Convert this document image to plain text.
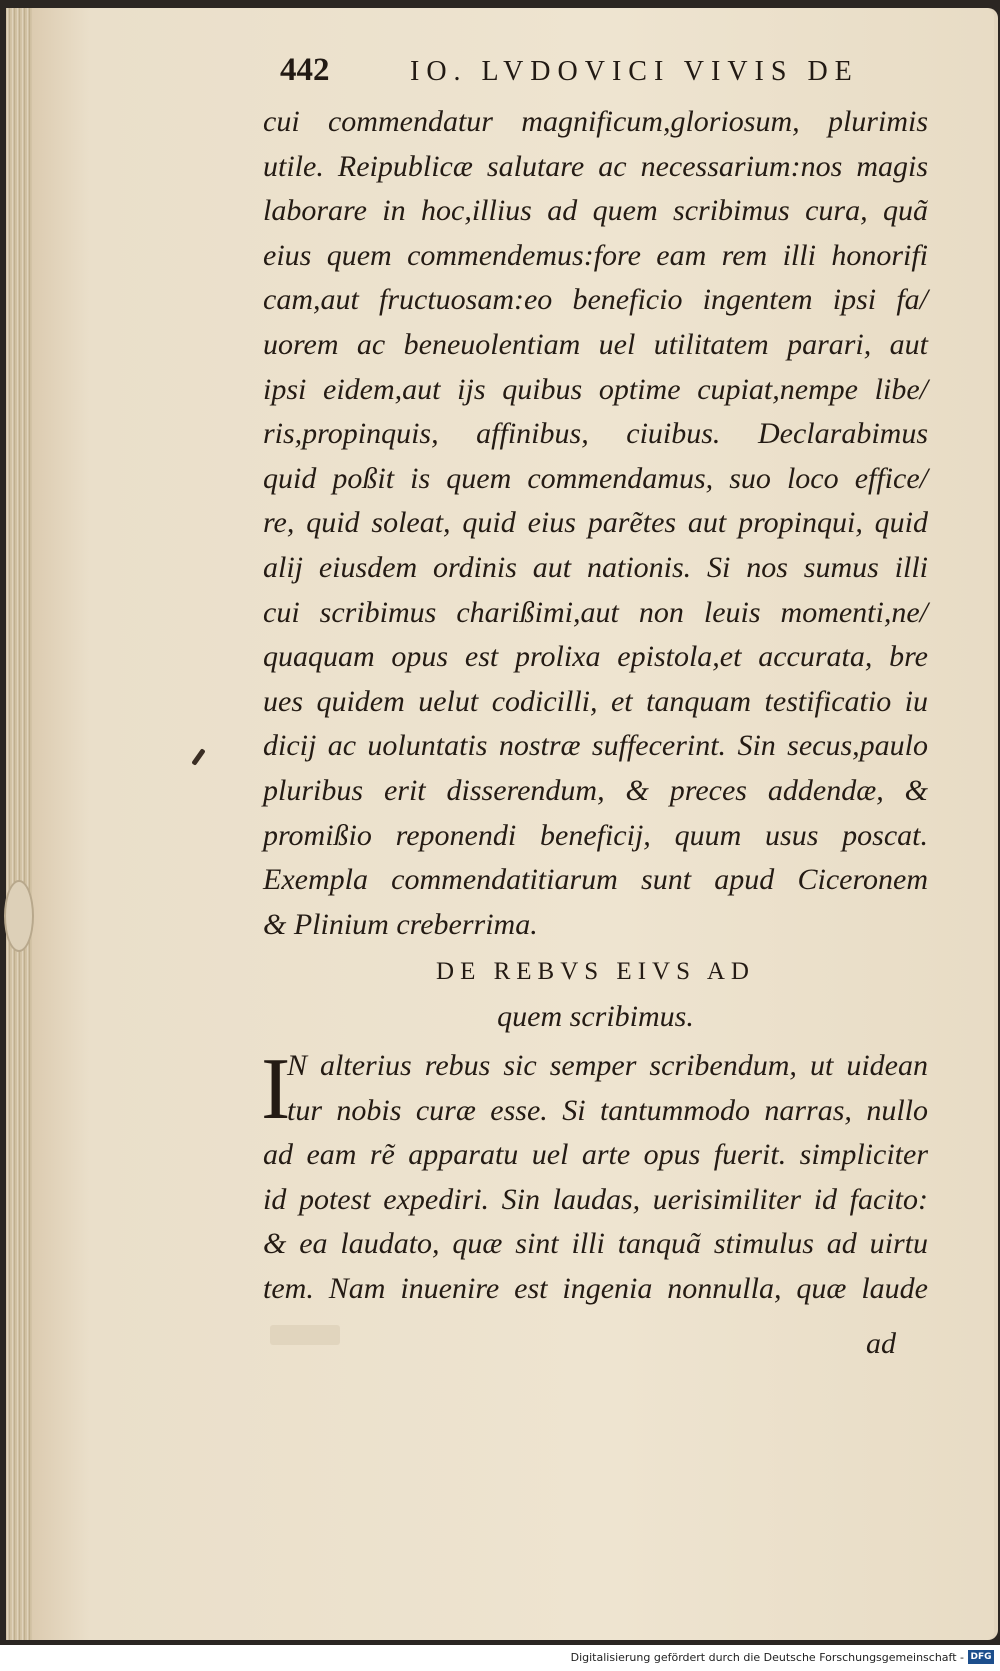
442	IO. LVDOVICI VIVIS DE
cui commendatur magnificum,gloriosum, plurimis
utile. Reipublicæ salutare ac necessarium:nos magis
laborare in hoc,illius ad quem scribimus cura, quã
eius quem commendemus:fore eam rem illi honorifi
cam,aut fructuosam:eo beneficio ingentem ipsi fa/
uorem ac beneuolentiam uel utilitatem parari, aut
ipsi eidem,aut ijs quibus optime cupiat,nempe libe/
ris,propinquis, affinibus, ciuibus. Declarabimus
quid poßit is quem commendamus, suo loco effice/
re, quid soleat, quid eius parẽtes aut propinqui, quid
alij eiusdem ordinis aut nationis. Si nos sumus illi
cui scribimus charißimi,aut non leuis momenti,ne/
quaquam opus est prolixa epistola,et accurata, bre
ues quidem uelut codicilli, et tanquam testificatio iu
dicij ac uoluntatis nostræ suffecerint. Sin secus,paulo
pluribus erit disserendum, & preces addendæ, &
promißio reponendi beneficij, quum usus poscat.
Exempla commendatitiarum sunt apud Ciceronem
& Plinium creberrima.
DE REBVS EIVS AD
quem scribimus.
I
N alterius rebus sic semper scribendum, ut uidean
tur nobis curæ esse. Si tantummodo narras, nullo
ad eam rẽ apparatu uel arte opus fuerit. simpliciter
id potest expediri. Sin laudas, uerisimiliter id facito:
& ea laudato, quæ sint illi tanquã stimulus ad uirtu
tem. Nam inuenire est ingenia nonnulla, quæ laude
ad
Digitalisierung gefördert durch die Deutsche Forschungsgemeinschaft - DFG
